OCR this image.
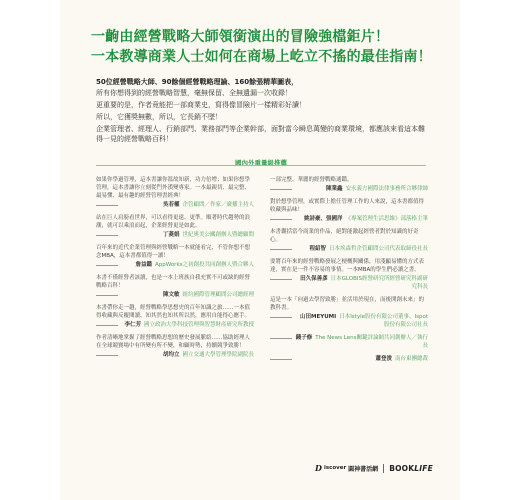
一齣由經營戰略大師領銜演出的冒險強檔鉅片！
一本教導商業人士如何在商場上屹立不搖的最佳指南！
50位經營戰略大師、90餘個經營戰略理論、160餘張精華圖表，

所有你想得到的經營戰略智慧，毫無保留、全無遺漏一次收錄！

更重要的是，作者竟能把一部商業史，寫得像冒險片一樣精彩好讀！

所以，它獲獎無數，所以，它長銷不墜！

企業管理者、經理人、行銷部門、業務部門等企業幹部，面對當今瞬息萬變的商業環境，都應該來看這本難得一見的經營戰略百科！

國內外重量級推薦

如果你學過管理，這本書讓你溫故知新，功力倍增；如果你想學管理，這本書讓你立刻從門外漢變專家。一本最親切、最完整、最易懂、最有趣的經營管理書經典！

吳若權 企管顧問／作家／廣播主持人

站在巨人肩膀看世界，可以看得更遠、更準。順著時代趨勢的浪潮，就可以乘浪而起，企業經營更是如此。

丁菱娟 世紀奧美公關創辦人暨總顧問

百年來的近代企業管理與經營戰略一本就能看完，不管你想不想念MBA，這本書都值得一讀！

詹益鑑 AppWorks之初創投共同創辦人暨合夥人

本書不僅經營者該讀，也是一本上班族自我充實不可或缺的經營戰略百科！

陳文敏 紐約國際管理顧問公司總經理

本書帶你走一趟，經營戰略學思想史的百年知識之旅……一本值得收藏與反覆閱讀、知其然也知其所以然，應用自能得心應手。

李仁芳 國立政治大學科技管理與智慧財產研究所教授

作者清晰地掌握了經營戰略思想的歷史發展脈絡……協助經理人在全球競賽場中有所變有所不變，和顧時勢，持續競爭致勝！

胡均立 國立交通大學管理學院副院長

一部完整、華麗的經營戰略通鑑。

陳業鑫 安永義方國際法律事務所合夥律師

對於想學管理，或實際上擔任管理工作的人來說，這本書都值得收藏與品味！

姚詩豪、張國洋 《專案管理生活思維》部落格主筆

本書囊括當今商業的作品，絕對能激起經營者對於知識的好奇心。

程紹智 日本埃森哲企管顧問公司代表取締役社長

要將百年來的經營戰略發展之梗概與關係，用淺顯易懂的方式表達，實在是一件不容易的事情。一本MBA的學生們必讀之書。

田久保善彥 日本GLOBIS經營研究所經營研究科副研究科長

這是一本「向過去學習致勝」並活用於現在，而後開創未來」的教科書。

山田MEYUMI 日本Istyle股份有限公司董事、Ispot股份有限公司社長
錢子修 The News Lens關鍵評論網共同創辦人／執行長
蕭登淩 南台東團總裁
D iscover 圓神書活網 BOOKLIFE
